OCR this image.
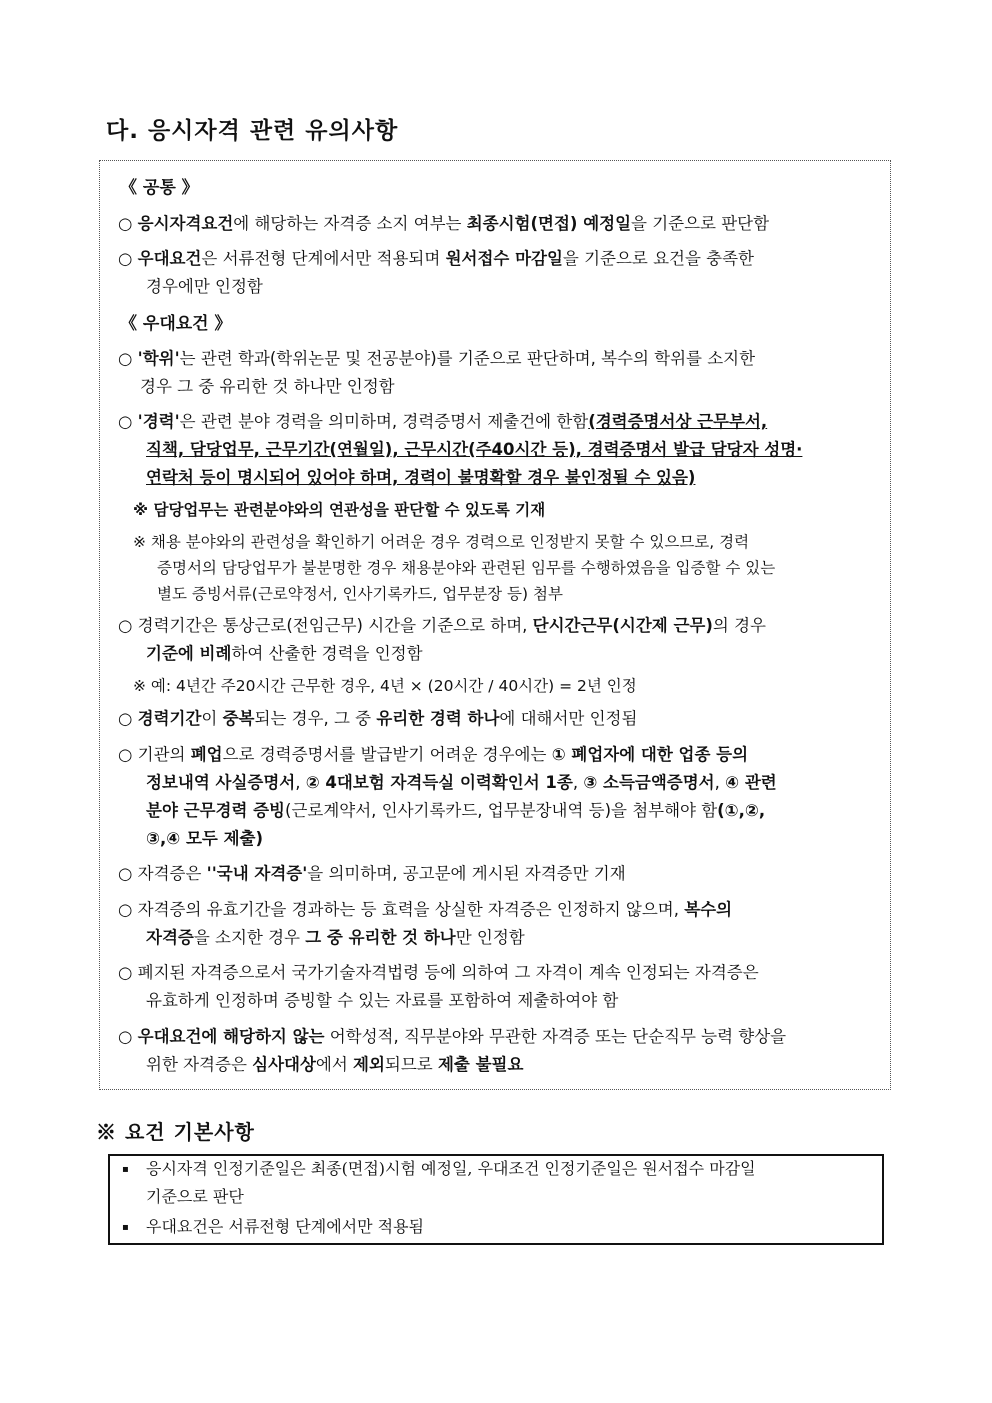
다. 응시자격 관련 유의사항
《 공통 》
○ 응시자격요건에 해당하는 자격증 소지 여부는 최종시험(면접) 예정일을 기준으로 판단함
○ 우대요건은 서류전형 단계에서만 적용되며 원서접수 마감일을 기준으로 요건을 충족한
경우에만 인정함
《 우대요건 》
○ '학위'는 관련 학과(학위논문 및 전공분야)를 기준으로 판단하며, 복수의 학위를 소지한
경우 그 중 유리한 것 하나만 인정함
○ '경력'은 관련 분야 경력을 의미하며, 경력증명서 제출건에 한함(경력증명서상 근무부서,
직책, 담당업무, 근무기간(연월일), 근무시간(주40시간 등), 경력증명서 발급 담당자 성명·
연락처 등이 명시되어 있어야 하며, 경력이 불명확할 경우 불인정될 수 있음)
※ 담당업무는 관련분야와의 연관성을 판단할 수 있도록 기재
※ 채용 분야와의 관련성을 확인하기 어려운 경우 경력으로 인정받지 못할 수 있으므로, 경력
증명서의 담당업무가 불분명한 경우 채용분야와 관련된 임무를 수행하였음을 입증할 수 있는
별도 증빙서류(근로약정서, 인사기록카드, 업무분장 등) 첨부
○ 경력기간은 통상근로(전임근무) 시간을 기준으로 하며, 단시간근무(시간제 근무)의 경우
기준에 비례하여 산출한 경력을 인정함
※ 예: 4년간 주20시간 근무한 경우, 4년 × (20시간 / 40시간) = 2년 인정
○ 경력기간이 중복되는 경우, 그 중 유리한 경력 하나에 대해서만 인정됨
○ 기관의 폐업으로 경력증명서를 발급받기 어려운 경우에는 ① 폐업자에 대한 업종 등의
정보내역 사실증명서, ② 4대보험 자격득실 이력확인서 1종, ③ 소득금액증명서, ④ 관련
분야 근무경력 증빙(근로계약서, 인사기록카드, 업무분장내역 등)을 첨부해야 함(①,②,
③,④ 모두 제출)
○ 자격증은 ''국내 자격증'을 의미하며, 공고문에 게시된 자격증만 기재
○ 자격증의 유효기간을 경과하는 등 효력을 상실한 자격증은 인정하지 않으며, 복수의
자격증을 소지한 경우 그 중 유리한 것 하나만 인정함
○ 폐지된 자격증으로서 국가기술자격법령 등에 의하여 그 자격이 계속 인정되는 자격증은
유효하게 인정하며 증빙할 수 있는 자료를 포함하여 제출하여야 함
○ 우대요건에 해당하지 않는 어학성적, 직무분야와 무관한 자격증 또는 단순직무 능력 향상을
위한 자격증은 심사대상에서 제외되므로 제출 불필요
※ 요건 기본사항
▪ 응시자격 인정기준일은 최종(면접)시험 예정일, 우대조건 인정기준일은 원서접수 마감일
기준으로 판단
▪ 우대요건은 서류전형 단계에서만 적용됨
